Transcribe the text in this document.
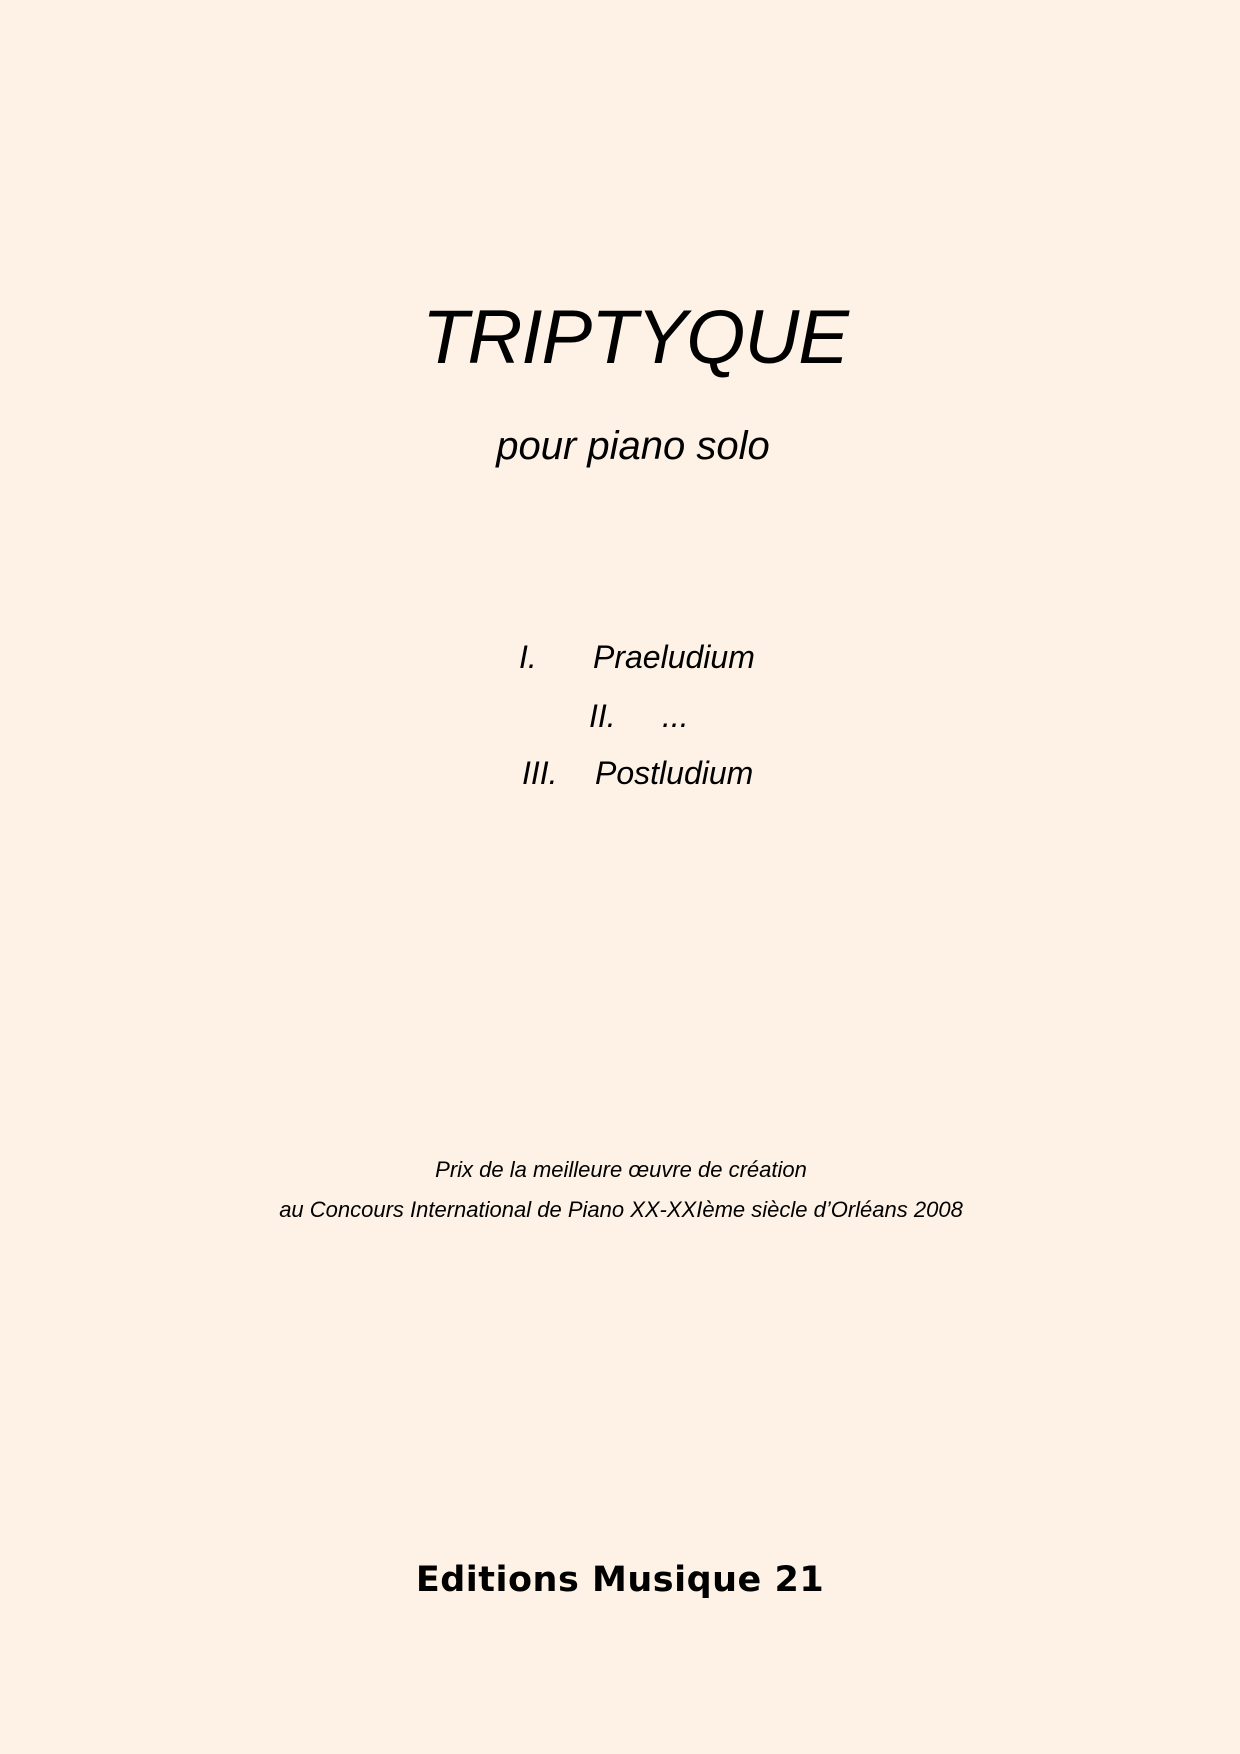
TRIPTYQUE
pour piano solo
I. Praeludium
II. ...
III. Postludium
Prix de la meilleure œuvre de création
au Concours International de Piano XX-XXIème siècle d’Orléans 2008
Editions Musique 21
